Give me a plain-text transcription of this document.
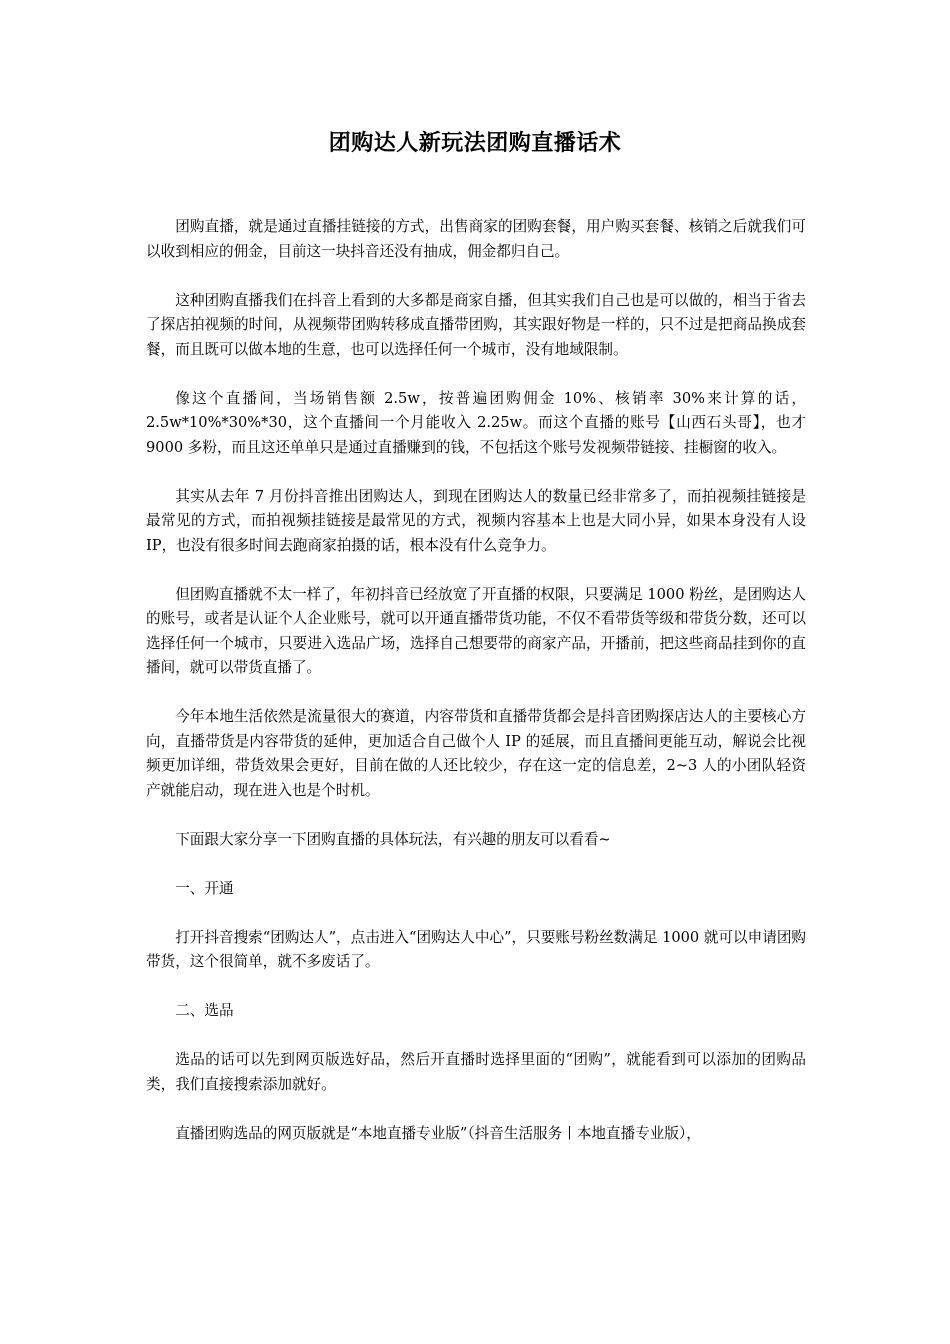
团购达人新玩法团购直播话术

团购直播，就是通过直播挂链接的方式，出售商家的团购套餐，用户购买套餐、核销之后就我们可以收到相应的佣金，目前这一块抖音还没有抽成，佣金都归自己。

这种团购直播我们在抖音上看到的大多都是商家自播，但其实我们自己也是可以做的，相当于省去了探店拍视频的时间，从视频带团购转移成直播带团购，其实跟好物是一样的，只不过是把商品换成套餐，而且既可以做本地的生意，也可以选择任何一个城市，没有地域限制。

像这个直播间，当场销售额 2.5w，按普遍团购佣金 10%、核销率 30%来计算的话，2.5w*10%*30%*30，这个直播间一个月能收入 2.25w。而这个直播的账号【山西石头哥】，也才 9000 多粉，而且这还单单只是通过直播赚到的钱，不包括这个账号发视频带链接、挂橱窗的收入。

其实从去年 7 月份抖音推出团购达人，到现在团购达人的数量已经非常多了，而拍视频挂链接是最常见的方式，而拍视频挂链接是最常见的方式，视频内容基本上也是大同小异，如果本身没有人设 IP，也没有很多时间去跑商家拍摄的话，根本没有什么竞争力。

但团购直播就不太一样了，年初抖音已经放宽了开直播的权限，只要满足 1000 粉丝，是团购达人的账号，或者是认证个人企业账号，就可以开通直播带货功能，不仅不看带货等级和带货分数，还可以选择任何一个城市，只要进入选品广场，选择自己想要带的商家产品，开播前，把这些商品挂到你的直播间，就可以带货直播了。

今年本地生活依然是流量很大的赛道，内容带货和直播带货都会是抖音团购探店达人的主要核心方向，直播带货是内容带货的延伸，更加适合自己做个人 IP 的延展，而且直播间更能互动，解说会比视频更加详细，带货效果会更好，目前在做的人还比较少，存在这一定的信息差，2~3 人的小团队轻资产就能启动，现在进入也是个时机。

下面跟大家分享一下团购直播的具体玩法，有兴趣的朋友可以看看~

一、开通

打开抖音搜索“团购达人”，点击进入“团购达人中心”，只要账号粉丝数满足 1000 就可以申请团购带货，这个很简单，就不多废话了。

二、选品

选品的话可以先到网页版选好品，然后开直播时选择里面的“团购”，就能看到可以添加的团购品类，我们直接搜索添加就好。

直播团购选品的网页版就是“本地直播专业版”（抖音生活服务丨本地直播专业版），
